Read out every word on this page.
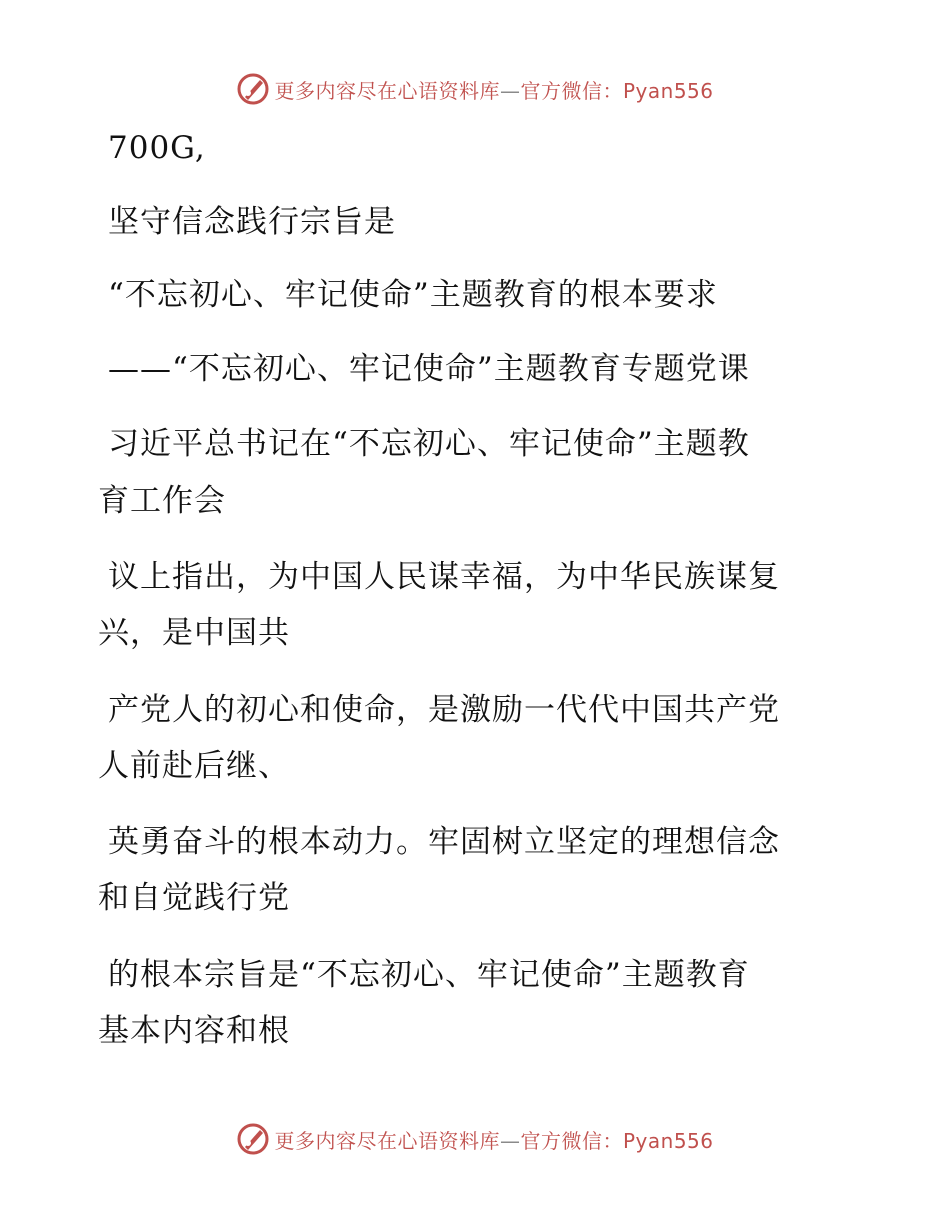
更多内容尽在心语资料库—官方微信：Pyan556
700G,
坚守信念践行宗旨是
“不忘初心、牢记使命”主题教育的根本要求
——“不忘初心、牢记使命”主题教育专题党课
习近平总书记在“不忘初心、牢记使命”主题教
育工作会
议上指出，为中国人民谋幸福，为中华民族谋复
兴，是中国共
产党人的初心和使命，是激励一代代中国共产党
人前赴后继、
英勇奋斗的根本动力。牢固树立坚定的理想信念
和自觉践行党
的根本宗旨是“不忘初心、牢记使命”主题教育
基本内容和根
更多内容尽在心语资料库—官方微信：Pyan556
